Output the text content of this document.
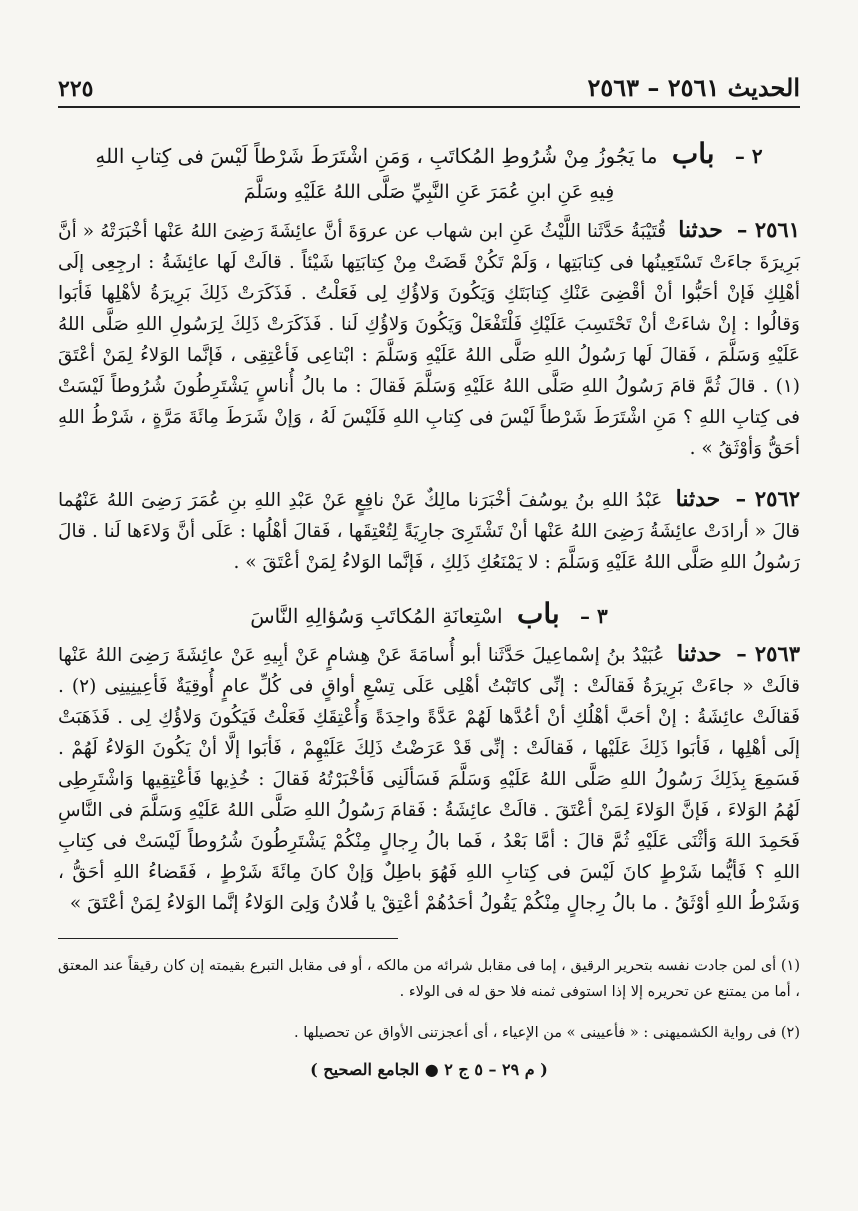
الحديث ٢٥٦١ – ٢٥٦٣
٢٢٥
٢ – باب ما يَجُوزُ مِنْ شُرُوطِ المُكاتَبِ ، وَمَنِ اشْتَرَطَ شَرْطاً لَيْسَ فى كِتابِ اللهِ
فِيهِ عَنِ ابنِ عُمَرَ عَنِ النَّبِيِّ صَلَّى اللهُ عَلَيْهِ وسَلَّمَ

٢٥٦١ – حدثنا قُتَيْبَةُ حَدَّثَنا اللَّيْثُ عَنِ ابن شهاب عن عروَةَ أنَّ عائِشَةَ رَضِىَ اللهُ عَنْها أخْبَرَتْهُ « أنَّ بَرِيرَةَ جاءَتْ تَسْتَعِينُها فى كِتابَتِها ، وَلَمْ تَكُنْ قَضَتْ مِنْ كِتابَتِها شَيْئاً . قالَتْ لَها عائِشَةُ : ارجِعِى إلَى أهْلِكِ فَإنْ أحَبُّوا أنْ أقْضِىَ عَنْكِ كِتابَتَكِ وَيَكُونَ وَلاؤُكِ لِى فَعَلْتُ . فَذَكَرَتْ ذَلِكَ بَرِيرَةُ لأهْلِها فَأبَوا وَقالُوا : إنْ شاءَتْ أنْ تَحْتَسِبَ عَلَيْكِ فَلْتَفْعَلْ وَيَكُونَ وَلاؤُكِ لَنا . فَذَكَرَتْ ذَلِكَ لِرَسُولِ اللهِ صَلَّى اللهُ عَلَيْهِ وَسَلَّمَ ، فَقالَ لَها رَسُولُ اللهِ صَلَّى اللهُ عَلَيْهِ وَسَلَّمَ : ابْتاعِى فَأعْتِقِى ، فَإنَّما الوَلاءُ لِمَنْ أعْتَقَ (١) . قالَ ثُمَّ قامَ رَسُولُ اللهِ صَلَّى اللهُ عَلَيْهِ وَسَلَّمَ فَقالَ : ما بالُ أُناسٍ يَشْتَرِطُونَ شُرُوطاً لَيْسَتْ فى كِتابِ اللهِ ؟ مَنِ اشْتَرَطَ شَرْطاً لَيْسَ فى كِتابِ اللهِ فَلَيْسَ لَهُ ، وَإنْ شَرَطَ مِائَةَ مَرَّةٍ ، شَرْطُ اللهِ أحَقُّ وَأوْثَقُ » .

٢٥٦٢ – حدثنا عَبْدُ اللهِ بنُ يوسُفَ أخْبَرَنا مالِكٌ عَنْ نافِعٍ عَنْ عَبْدِ اللهِ بنِ عُمَرَ رَضِىَ اللهُ عَنْهُما قالَ « أرادَتْ عائِشَةُ رَضِىَ اللهُ عَنْها أنْ تَشْتَرِىَ جارِيَةً لِتُعْتِقَها ، فَقالَ أهْلُها : عَلَى أنَّ وَلاءَها لَنا . قالَ رَسُولُ اللهِ صَلَّى اللهُ عَلَيْهِ وَسَلَّمَ : لا يَمْنَعُكِ ذَلِكِ ، فَإنَّما الوَلاءُ لِمَنْ أعْتَقَ » .

٣ – باب اسْتِعانَةِ المُكاتَبِ وَسُؤالِهِ النَّاسَ

٢٥٦٣ – حدثنا عُبَيْدُ بنُ إسْماعِيلَ حَدَّثَنا أبو أُسامَةَ عَنْ هِشامٍ عَنْ أبِيهِ عَنْ عائِشَةَ رَضِىَ اللهُ عَنْها قالَتْ « جاءَتْ بَرِيرَةُ فَقالَتْ : إنِّى كاتَبْتُ أهْلِى عَلَى تِسْعِ أواقٍ فى كُلِّ عامٍ أُوقِيَةٌ فَأعِينِينِى (٢) . فَقالَتْ عائِشَةُ : إنْ أحَبَّ أهْلُكِ أنْ أعُدَّها لَهُمْ عَدَّةً واحِدَةً وَأُعْتِقَكِ فَعَلْتُ فَيَكُونَ وَلاؤُكِ لِى . فَذَهَبَتْ إلَى أهْلِها ، فَأبَوا ذَلِكَ عَلَيْها ، فَقالَتْ : إنِّى قَدْ عَرَضْتُ ذَلِكَ عَلَيْهِمْ ، فَأبَوا إلَّا أنْ يَكُونَ الوَلاءُ لَهُمْ . فَسَمِعَ بِذَلِكَ رَسُولُ اللهِ صَلَّى اللهُ عَلَيْهِ وَسَلَّمَ فَسَألَنِى فَأخْبَرْتُهُ فَقالَ : خُذِيها فَأعْتِقِيها وَاشْتَرِطِى لَهُمُ الوَلاءَ ، فَإنَّ الوَلاءَ لِمَنْ أعْتَقَ . قالَتْ عائِشَةُ : فَقامَ رَسُولُ اللهِ صَلَّى اللهُ عَلَيْهِ وَسَلَّمَ فى النَّاسِ فَحَمِدَ اللهَ وَأثْنَى عَلَيْهِ ثُمَّ قالَ : أمَّا بَعْدُ ، فَما بالُ رِجالٍ مِنْكُمْ يَشْتَرِطُونَ شُرُوطاً لَيْسَتْ فى كِتابِ اللهِ ؟ فَأيُّما شَرْطٍ كانَ لَيْسَ فى كِتابِ اللهِ فَهُوَ باطِلٌ وَإنْ كانَ مِائَةَ شَرْطٍ ، فَقَضاءُ اللهِ أحَقُّ ، وَشَرْطُ اللهِ أوْثَقُ . ما بالُ رِجالٍ مِنْكُمْ يَقُولُ أحَدُهُمْ أعْتِقْ يا فُلانُ وَلِىَ الوَلاءُ إنَّما الوَلاءُ لِمَنْ أعْتَقَ »

(١) أى لمن جادت نفسه بتحرير الرقيق ، إما فى مقابل شرائه من مالكه ، أو فى مقابل التبرع بقيمته إن كان رقيقاً عند المعتق ، أما من يمتنع عن تحريره إلا إذا استوفى ثمنه فلا حق له فى الولاء .

(٢) فى رواية الكشميهنى : « فأعيينى » من الإعياء ، أى أعجزتنى الأواق عن تحصيلها .

( م ٢٩ – ٥ ج ٢ ● الجامع الصحيح )
